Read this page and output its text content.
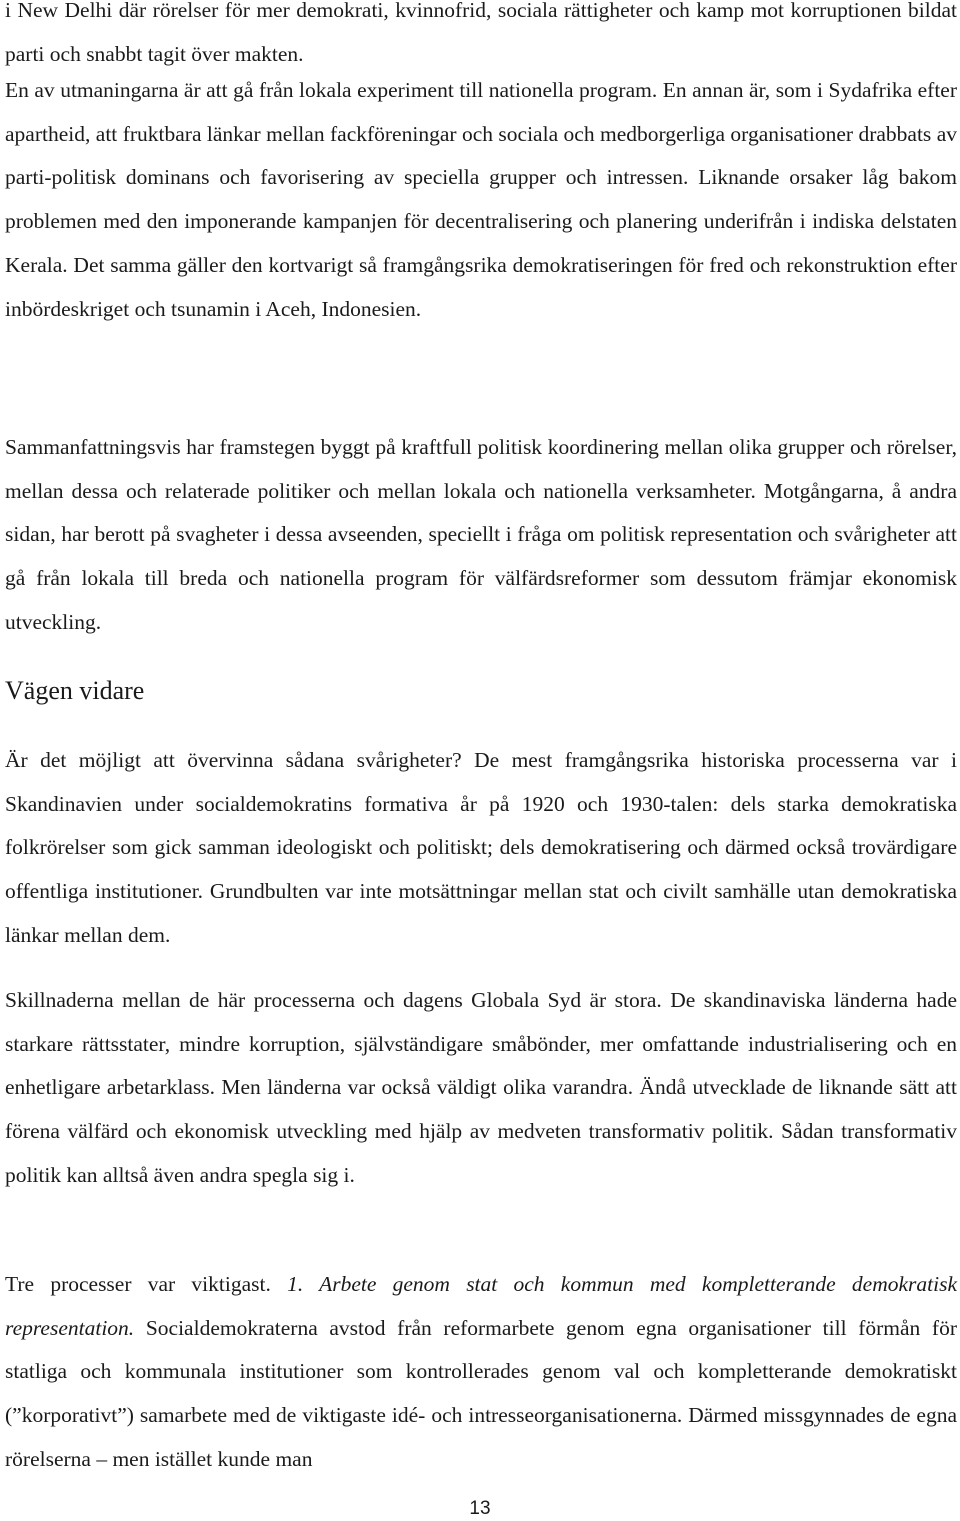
i New Delhi där rörelser för mer demokrati, kvinnofrid, sociala rättigheter och kamp mot korruptionen bildat parti och snabbt tagit över makten.

En av utmaningarna är att gå från lokala experiment till nationella program. En annan är, som i Sydafrika efter apartheid, att fruktbara länkar mellan fackföreningar och sociala och medborgerliga organisationer drabbats av parti-politisk dominans och favorisering av speciella grupper och intressen. Liknande orsaker låg bakom problemen med den imponerande kampanjen för decentralisering och planering underifrån i indiska delstaten Kerala. Det samma gäller den kortvarigt så framgångsrika demokratiseringen för fred och rekonstruktion efter inbördeskriget och tsunamin i Aceh, Indonesien.

Sammanfattningsvis har framstegen byggt på kraftfull politisk koordinering mellan olika grupper och rörelser, mellan dessa och relaterade politiker och mellan lokala och nationella verksamheter. Motgångarna, å andra sidan, har berott på svagheter i dessa avseenden, speciellt i fråga om politisk representation och svårigheter att gå från lokala till breda och nationella program för välfärdsreformer som dessutom främjar ekonomisk utveckling.

Vägen vidare

Är det möjligt att övervinna sådana svårigheter? De mest framgångsrika historiska processerna var i Skandinavien under socialdemokratins formativa år på 1920 och 1930-talen: dels starka demokratiska folkrörelser som gick samman ideologiskt och politiskt; dels demokratisering och därmed också trovärdigare offentliga institutioner. Grundbulten var inte motsättningar mellan stat och civilt samhälle utan demokratiska länkar mellan dem.

Skillnaderna mellan de här processerna och dagens Globala Syd är stora. De skandinaviska länderna hade starkare rättsstater, mindre korruption, självständigare småbönder, mer omfattande industrialisering och en enhetligare arbetarklass. Men länderna var också väldigt olika varandra. Ändå utvecklade de liknande sätt att förena välfärd och ekonomisk utveckling med hjälp av medveten transformativ politik. Sådan transformativ politik kan alltså även andra spegla sig i.

Tre processer var viktigast. 1. Arbete genom stat och kommun med kompletterande demokratisk representation. Socialdemokraterna avstod från reformarbete genom egna organisationer till förmån för statliga och kommunala institutioner som kontrollerades genom val och kompletterande demokratiskt (”korporativt”) samarbete med de viktigaste idé- och intresseorganisationerna. Därmed missgynnades de egna rörelserna – men istället kunde man

13
